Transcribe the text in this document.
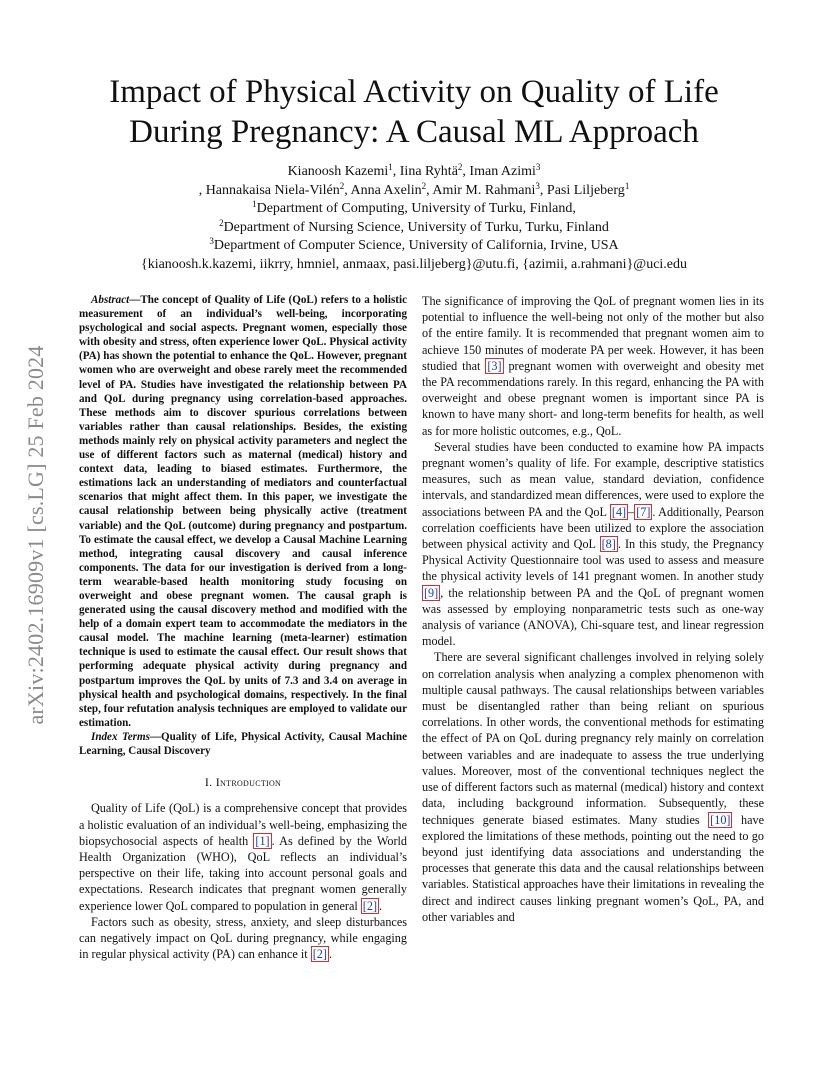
arXiv:2402.16909v1 [cs.LG] 25 Feb 2024
Impact of Physical Activity on Quality of Life
During Pregnancy: A Causal ML Approach
Kianoosh Kazemi$^1$, Iina Ryhtä$^2$, Iman Azimi$^3$
, Hannakaisa Niela-Vilén$^2$, Anna Axelin$^2$, Amir M. Rahmani$^3$, Pasi Liljeberg$^1$
$^1$Department of Computing, University of Turku, Finland,
$^2$Department of Nursing Science, University of Turku, Turku, Finland
$^3$Department of Computer Science, University of California, Irvine, USA
{kianoosh.k.kazemi, iikrry, hmniel, anmaax, pasi.liljeberg}@utu.fi, {azimii, a.rahmani}@uci.edu

Abstract—The concept of Quality of Life (QoL) refers to a holistic measurement of an individual’s well-being, incorporating psychological and social aspects. Pregnant women, especially those with obesity and stress, often experience lower QoL. Physical activity (PA) has shown the potential to enhance the QoL. However, pregnant women who are overweight and obese rarely meet the recommended level of PA. Studies have investigated the relationship between PA and QoL during pregnancy using correlation-based approaches. These methods aim to discover spurious correlations between variables rather than causal relationships. Besides, the existing methods mainly rely on physical activity parameters and neglect the use of different factors such as maternal (medical) history and context data, leading to biased estimates. Furthermore, the estimations lack an understanding of mediators and counterfactual scenarios that might affect them. In this paper, we investigate the causal relationship between being physically active (treatment variable) and the QoL (outcome) during pregnancy and postpartum. To estimate the causal effect, we develop a Causal Machine Learning method, integrating causal discovery and causal inference components. The data for our investigation is derived from a long-term wearable-based health monitoring study focusing on overweight and obese pregnant women. The causal graph is generated using the causal discovery method and modified with the help of a domain expert team to accommodate the mediators in the causal model. The machine learning (meta-learner) estimation technique is used to estimate the causal effect. Our result shows that performing adequate physical activity during pregnancy and postpartum improves the QoL by units of 7.3 and 3.4 on average in physical health and psychological domains, respectively. In the final step, four refutation analysis techniques are employed to validate our estimation.

Index Terms—Quality of Life, Physical Activity, Causal Machine Learning, Causal Discovery

I. Introduction

Quality of Life (QoL) is a comprehensive concept that provides a holistic evaluation of an individual’s well-being, emphasizing the biopsychosocial aspects of health [1] . As defined by the World Health Organization (WHO), QoL reflects an individual’s perspective on their life, taking into account personal goals and expectations. Research indicates that pregnant women generally experience lower QoL compared to population in general [2] .

Factors such as obesity, stress, anxiety, and sleep disturbances can negatively impact on QoL during pregnancy, while engaging in regular physical activity (PA) can enhance it [2] .

The significance of improving the QoL of pregnant women lies in its potential to influence the well-being not only of the mother but also of the entire family. It is recommended that pregnant women aim to achieve 150 minutes of moderate PA per week. However, it has been studied that [3] pregnant women with overweight and obesity met the PA recommendations rarely. In this regard, enhancing the PA with overweight and obese pregnant women is important since PA is known to have many short- and long-term benefits for health, as well as for more holistic outcomes, e.g., QoL.

Several studies have been conducted to examine how PA impacts pregnant women’s quality of life. For example, descriptive statistics measures, such as mean value, standard deviation, confidence intervals, and standardized mean differences, were used to explore the associations between PA and the QoL [4] – [7] . Additionally, Pearson correlation coefficients have been utilized to explore the association between physical activity and QoL [8] . In this study, the Pregnancy Physical Activity Questionnaire tool was used to assess and measure the physical activity levels of 141 pregnant women. In another study [9] , the relationship between PA and the QoL of pregnant women was assessed by employing nonparametric tests such as one-way analysis of variance (ANOVA), Chi-square test, and linear regression model.

There are several significant challenges involved in relying solely on correlation analysis when analyzing a complex phenomenon with multiple causal pathways. The causal relationships between variables must be disentangled rather than being reliant on spurious correlations. In other words, the conventional methods for estimating the effect of PA on QoL during pregnancy rely mainly on correlation between variables and are inadequate to assess the true underlying values. Moreover, most of the conventional techniques neglect the use of different factors such as maternal (medical) history and context data, including background information. Subsequently, these techniques generate biased estimates. Many studies [10] have explored the limitations of these methods, pointing out the need to go beyond just identifying data associations and understanding the processes that generate this data and the causal relationships between variables. Statistical approaches have their limitations in revealing the direct and indirect causes linking pregnant women’s QoL, PA, and other variables and
